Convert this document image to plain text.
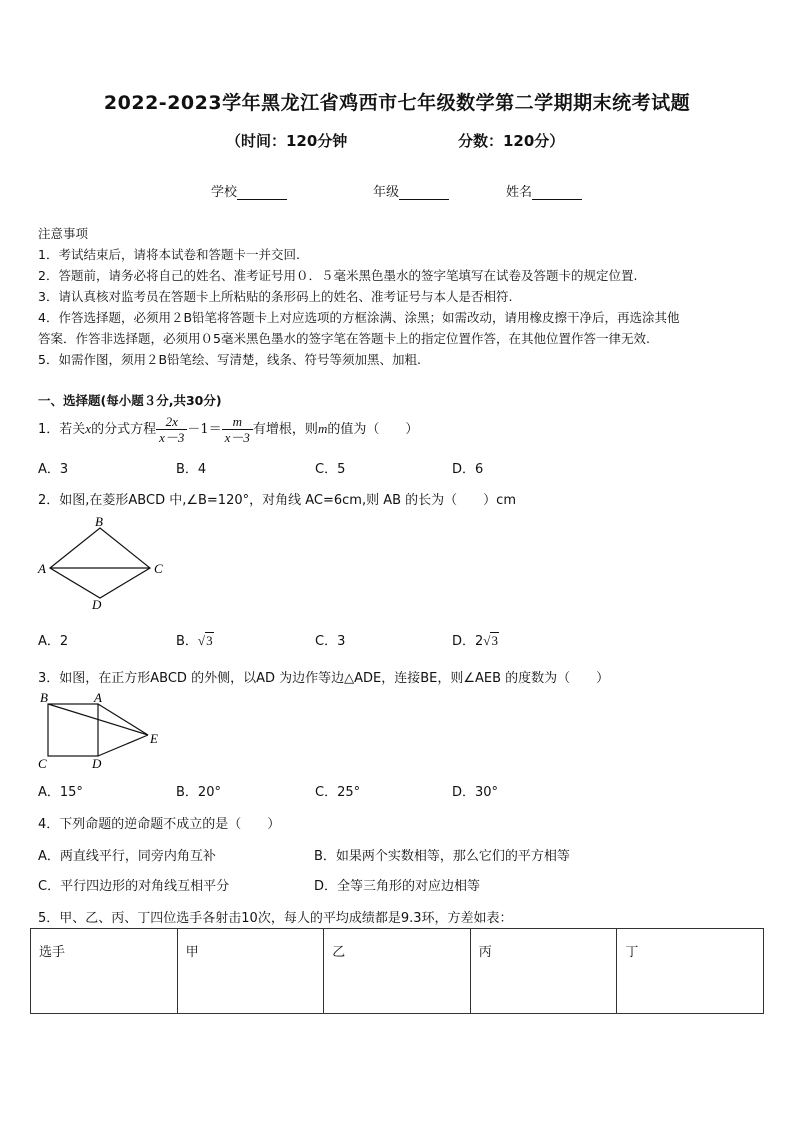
2022-2023学年黑龙江省鸡西市七年级数学第二学期期末统考试题
（时间：120分钟	分数：120分）
学校	年级	姓名
注意事项
1．考试结束后，请将本试卷和答题卡一并交回.
2．答题前，请务必将自己的姓名、准考证号用０．５毫米黑色墨水的签字笔填写在试卷及答题卡的规定位置.
3．请认真核对监考员在答题卡上所粘贴的条形码上的姓名、准考证号与本人是否相符.
4．作答选择题，必须用２B铅笔将答题卡上对应选项的方框涂满、涂黑；如需改动，请用橡皮擦干净后，再选涂其他
答案．作答非选择题，必须用０5毫米黑色墨水的签字笔在答题卡上的指定位置作答，在其他位置作答一律无效.
5．如需作图，须用２B铅笔绘、写清楚，线条、符号等须加黑、加粗.
一、选择题(每小题３分,共30分)
1．若关x的分式方程 $\frac{2x}{x-3} -1= \frac{m}{x-3}$ 有增根，则m的值为（　　）
A．3	B．4	C．5	D．6
2．如图,在菱形ABCD 中,∠B=120°，对角线 AC=6cm,则 AB 的长为（　　）cm
B
A	C
D
A．2	B．√3	C．3	D．2√3
3．如图，在正方形ABCD 的外侧，以AD 为边作等边△ADE，连接BE，则∠AEB 的度数为（　　）
B	A
E
C	D
A．15°	B．20°	C．25°	D．30°
4．下列命题的逆命题不成立的是（　　）
A．两直线平行，同旁内角互补	B．如果两个实数相等，那么它们的平方相等
C．平行四边形的对角线互相平分	D．全等三角形的对应边相等
5．甲、乙、丙、丁四位选手各射击10次，每人的平均成绩都是9.3环，方差如表：
选手	甲	乙	丙	丁
